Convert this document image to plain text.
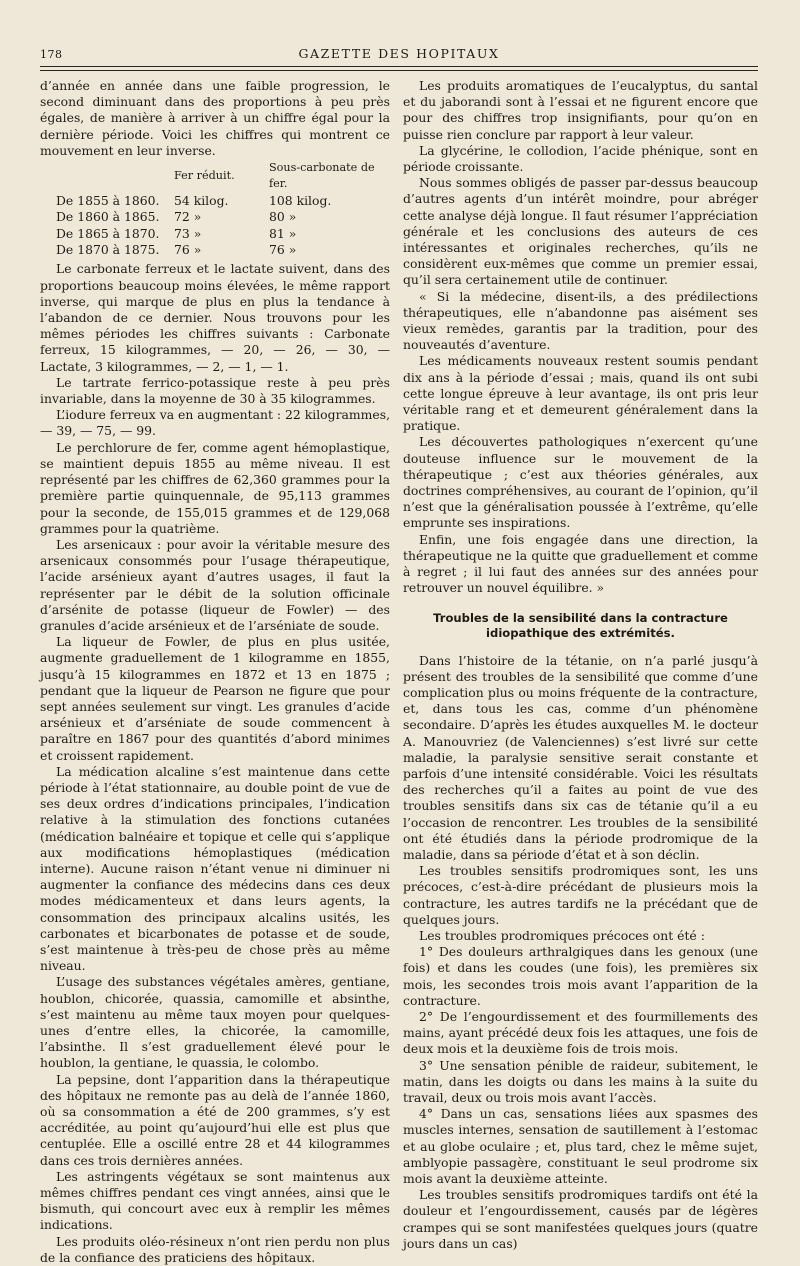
178	GAZETTE DES HOPITAUX

d’année en année dans une faible progression, le second diminuant dans des proportions à peu près égales, de manière à arriver à un chiffre égal pour la dernière période. Voici les chiffres qui montrent ce mouvement en leur inverse.

	Fer réduit.	Sous-carbonate de fer.
De 1855 à 1860.	54 kilog.	108 kilog.
De 1860 à 1865.	72 »	80 »
De 1865 à 1870.	73 »	81 »
De 1870 à 1875.	76 »	76 »

Le carbonate ferreux et le lactate suivent, dans des proportions beaucoup moins élevées, le même rapport inverse, qui marque de plus en plus la tendance à l’abandon de ce dernier. Nous trouvons pour les mêmes périodes les chiffres suivants : Carbonate ferreux, 15 kilogrammes, — 20, — 26, — 30, — Lactate, 3 kilogrammes, — 2, — 1, — 1.

Le tartrate ferrico-potassique reste à peu près invariable, dans la moyenne de 30 à 35 kilogrammes.

L’iodure ferreux va en augmentant : 22 kilogrammes, — 39, — 75, — 99.

Le perchlorure de fer, comme agent hémoplastique, se maintient depuis 1855 au même niveau. Il est représenté par les chiffres de 62,360 grammes pour la première partie quinquennale, de 95,113 grammes pour la seconde, de 155,015 grammes et de 129,068 grammes pour la quatrième.

Les arsenicaux : pour avoir la véritable mesure des arsenicaux consommés pour l’usage thérapeutique, l’acide arsénieux ayant d’autres usages, il faut la représenter par le débit de la solution officinale d’arsénite de potasse (liqueur de Fowler) — des granules d’acide arsénieux et de l’arséniate de soude.

La liqueur de Fowler, de plus en plus usitée, augmente graduellement de 1 kilogramme en 1855, jusqu’à 15 kilogrammes en 1872 et 13 en 1875 ; pendant que la liqueur de Pearson ne figure que pour sept années seulement sur vingt. Les granules d’acide arsénieux et d’arséniate de soude commencent à paraître en 1867 pour des quantités d’abord minimes et croissent rapidement.

La médication alcaline s’est maintenue dans cette période à l’état stationnaire, au double point de vue de ses deux ordres d’indications principales, l’indication relative à la stimulation des fonctions cutanées (médication balnéaire et topique et celle qui s’applique aux modifications hémoplastiques (médication interne). Aucune raison n’étant venue ni diminuer ni augmenter la confiance des médecins dans ces deux modes médicamenteux et dans leurs agents, la consommation des principaux alcalins usités, les carbonates et bicarbonates de potasse et de soude, s’est maintenue à très-peu de chose près au même niveau.

L’usage des substances végétales amères, gentiane, houblon, chicorée, quassia, camomille et absinthe, s’est maintenu au même taux moyen pour quelques-unes d’entre elles, la chicorée, la camomille, l’absinthe. Il s’est graduellement élevé pour le houblon, la gentiane, le quassia, le colombo.

La pepsine, dont l’apparition dans la thérapeutique des hôpitaux ne remonte pas au delà de l’année 1860, où sa consommation a été de 200 grammes, s’y est accréditée, au point qu’aujourd’hui elle est plus que centuplée. Elle a oscillé entre 28 et 44 kilogrammes dans ces trois dernières années.

Les astringents végétaux se sont maintenus aux mêmes chiffres pendant ces vingt années, ainsi que le bismuth, qui concourt avec eux à remplir les mêmes indications.

Les produits oléo-résineux n’ont rien perdu non plus de la confiance des praticiens des hôpitaux.

Les produits aromatiques de l’eucalyptus, du santal et du jaborandi sont à l’essai et ne figurent encore que pour des chiffres trop insignifiants, pour qu’on en puisse rien conclure par rapport à leur valeur.

La glycérine, le collodion, l’acide phénique, sont en période croissante.

Nous sommes obligés de passer par-dessus beaucoup d’autres agents d’un intérêt moindre, pour abréger cette analyse déjà longue. Il faut résumer l’appréciation générale et les conclusions des auteurs de ces intéressantes et originales recherches, qu’ils ne considèrent eux-mêmes que comme un premier essai, qu’il sera certainement utile de continuer.

« Si la médecine, disent-ils, a des prédilections thérapeutiques, elle n’abandonne pas aisément ses vieux remèdes, garantis par la tradition, pour des nouveautés d’aventure.

Les médicaments nouveaux restent soumis pendant dix ans à la période d’essai ; mais, quand ils ont subi cette longue épreuve à leur avantage, ils ont pris leur véritable rang et et demeurent généralement dans la pratique.

Les découvertes pathologiques n’exercent qu’une douteuse influence sur le mouvement de la thérapeutique ; c’est aux théories générales, aux doctrines compréhensives, au courant de l’opinion, qu’il n’est que la généralisation poussée à l’extrême, qu’elle emprunte ses inspirations.

Enfin, une fois engagée dans une direction, la thérapeutique ne la quitte que graduellement et comme à regret ; il lui faut des années sur des années pour retrouver un nouvel équilibre. »

Troubles de la sensibilité dans la contracture
idiopathique des extrémités.

Dans l’histoire de la tétanie, on n’a parlé jusqu’à présent des troubles de la sensibilité que comme d’une complication plus ou moins fréquente de la contracture, et, dans tous les cas, comme d’un phénomène secondaire. D’après les études auxquelles M. le docteur A. Manouvriez (de Valenciennes) s’est livré sur cette maladie, la paralysie sensitive serait constante et parfois d’une intensité considérable. Voici les résultats des recherches qu’il a faites au point de vue des troubles sensitifs dans six cas de tétanie qu’il a eu l’occasion de rencontrer. Les troubles de la sensibilité ont été étudiés dans la période prodromique de la maladie, dans sa période d’état et à son déclin.

Les troubles sensitifs prodromiques sont, les uns précoces, c’est-à-dire précédant de plusieurs mois la contracture, les autres tardifs ne la précédant que de quelques jours.

Les troubles prodromiques précoces ont été :

1° Des douleurs arthralgiques dans les genoux (une fois) et dans les coudes (une fois), les premières six mois, les secondes trois mois avant l’apparition de la contracture.

2° De l’engourdissement et des fourmillements des mains, ayant précédé deux fois les attaques, une fois de deux mois et la deuxième fois de trois mois.

3° Une sensation pénible de raideur, subitement, le matin, dans les doigts ou dans les mains à la suite du travail, deux ou trois mois avant l’accès.

4° Dans un cas, sensations liées aux spasmes des muscles internes, sensation de sautillement à l’estomac et au globe oculaire ; et, plus tard, chez le même sujet, amblyopie passagère, constituant le seul prodrome six mois avant la deuxième atteinte.

Les troubles sensitifs prodromiques tardifs ont été la douleur et l’engourdissement, causés par de légères crampes qui se sont manifestées quelques jours (quatre jours dans un cas)
